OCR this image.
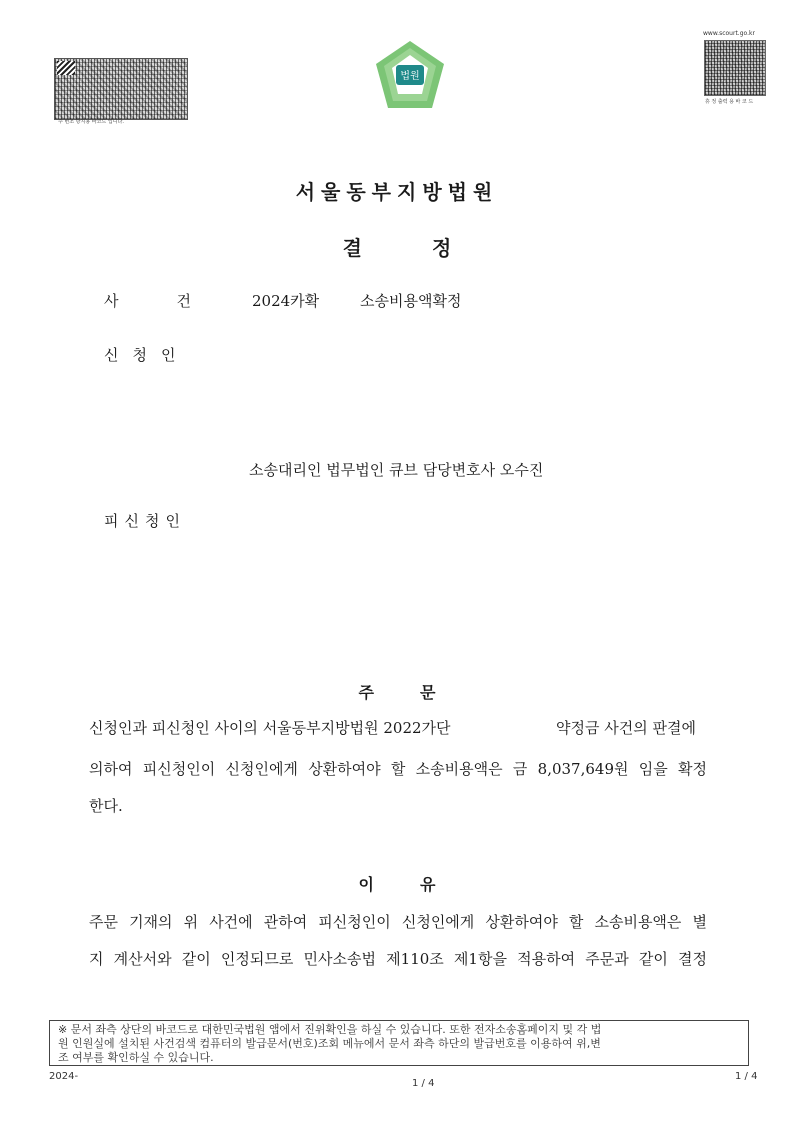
주 변조 방지용 바코드 입니다.
www.scourt.go.kr
휴 정 출력 용 바 코 드
법원
서울동부지방법원
결정
사건 2024카확	소송비용액확정
신청인
소송대리인 법무법인 큐브 담당변호사 오수진
피신청인
주문
신청인과 피신청인 사이의 서울동부지방법원 2022가단	약정금 사건의 판결에
의하여 피신청인이 신청인에게 상환하여야 할 소송비용액은 금 8,037,649원 임을 확정
한다.
이유
주문 기재의 위 사건에 관하여 피신청인이 신청인에게 상환하여야 할 소송비용액은 별
지 계산서와 같이 인정되므로 민사소송법 제110조 제1항을 적용하여 주문과 같이 결정
※ 문서 좌측 상단의 바코드로 대한민국법원 앱에서 진위확인을 하실 수 있습니다. 또한 전자소송홈페이지 및 각 법
원 인원실에 설치된 사건검색 컴퓨터의 발급문서(번호)조회 메뉴에서 문서 좌측 하단의 발급번호를 이용하여 위,변
조 여부를 확인하실 수 있습니다.
2024-
1 / 4
1 / 4
